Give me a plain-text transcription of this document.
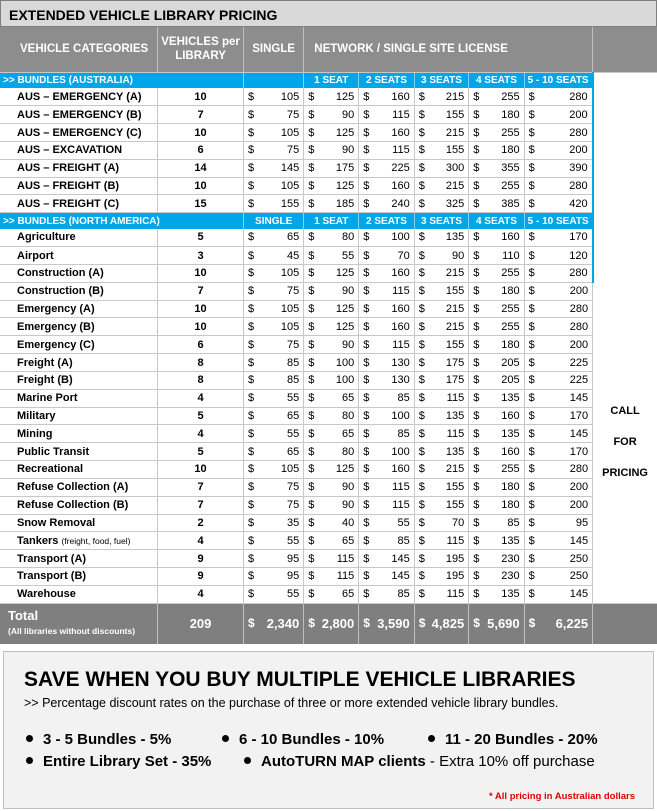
EXTENDED VEHICLE LIBRARY PRICING
VEHICLE CATEGORIES	VEHICLES per
LIBRARY	SINGLE	NETWORK / SINGLE SITE LICENSE					
>> BUNDLES (AUSTRALIA)			1 SEAT	2 SEATS	3 SEATS	4 SEATS	5 - 10 SEATS	11+ Seats
and
Multi-Site
License

AUS – EMERGENCY (A)	10	$ 105	$ 125	$ 160	$ 215	$ 255	$ 280	

AUS – EMERGENCY (B)	7	$ 75	$ 90	$ 115	$ 155	$ 180	$ 200	

AUS – EMERGENCY (C)	10	$ 105	$ 125	$ 160	$ 215	$ 255	$ 280	

AUS – EXCAVATION	6	$ 75	$ 90	$ 115	$ 155	$ 180	$ 200	

AUS – FREIGHT (A)	14	$ 145	$ 175	$ 225	$ 300	$ 355	$ 390	

AUS – FREIGHT (B)	10	$ 105	$ 125	$ 160	$ 215	$ 255	$ 280	

AUS – FREIGHT (C)	15	$ 155	$ 185	$ 240	$ 325	$ 385	$ 420	

>> BUNDLES (NORTH AMERICA)		SINGLE	1 SEAT	2 SEATS	3 SEATS	4 SEATS	5 - 10 SEATS	
Agriculture	5	$ 65	$ 80	$ 100	$ 135	$ 160	$ 170	

Airport	3	$ 45	$ 55	$ 70	$ 90	$ 110	$ 120	

Construction (A)	10	$ 105	$ 125	$ 160	$ 215	$ 255	$ 280	

Construction (B)	7	$ 75	$ 90	$ 115	$ 155	$ 180	$ 200	CALL
FOR
PRICING

Emergency (A)	10	$ 105	$ 125	$ 160	$ 215	$ 255	$ 280	

Emergency (B)	10	$ 105	$ 125	$ 160	$ 215	$ 255	$ 280	

Emergency (C)	6	$ 75	$ 90	$ 115	$ 155	$ 180	$ 200	

Freight (A)	8	$ 85	$ 100	$ 130	$ 175	$ 205	$ 225	

Freight (B)	8	$ 85	$ 100	$ 130	$ 175	$ 205	$ 225	

Marine Port	4	$ 55	$ 65	$ 85	$ 115	$ 135	$ 145	

Military	5	$ 65	$ 80	$ 100	$ 135	$ 160	$ 170	

Mining	4	$ 55	$ 65	$ 85	$ 115	$ 135	$ 145	

Public Transit	5	$ 65	$ 80	$ 100	$ 135	$ 160	$ 170	

Recreational	10	$ 105	$ 125	$ 160	$ 215	$ 255	$ 280	

Refuse Collection (A)	7	$ 75	$ 90	$ 115	$ 155	$ 180	$ 200	

Refuse Collection (B)	7	$ 75	$ 90	$ 115	$ 155	$ 180	$ 200	

Snow Removal	2	$ 35	$ 40	$ 55	$ 70	$ 85	$ 95	

Tankers (freight, food, fuel)	4	$ 55	$ 65	$ 85	$ 115	$ 135	$ 145	

Transport (A)	9	$ 95	$ 115	$ 145	$ 195	$ 230	$ 250	

Transport (B)	9	$ 95	$ 115	$ 145	$ 195	$ 230	$ 250	

Warehouse	4	$ 55	$ 65	$ 85	$ 115	$ 135	$ 145	

Total
(All libraries without discounts)	209	$ 2,340	$ 2,800	$ 3,590	$ 4,825	$ 5,690	$ 6,225	

SAVE WHEN YOU BUY MULTIPLE VEHICLE LIBRARIES
>> Percentage discount rates on the purchase of three or more extended vehicle library bundles.
3 - 5 Bundles - 5%	6 - 10 Bundles - 10%	11 - 20 Bundles - 20%
Entire Library Set - 35%	AutoTURN MAP clients - Extra 10% off purchase
* All pricing in Australian dollars
